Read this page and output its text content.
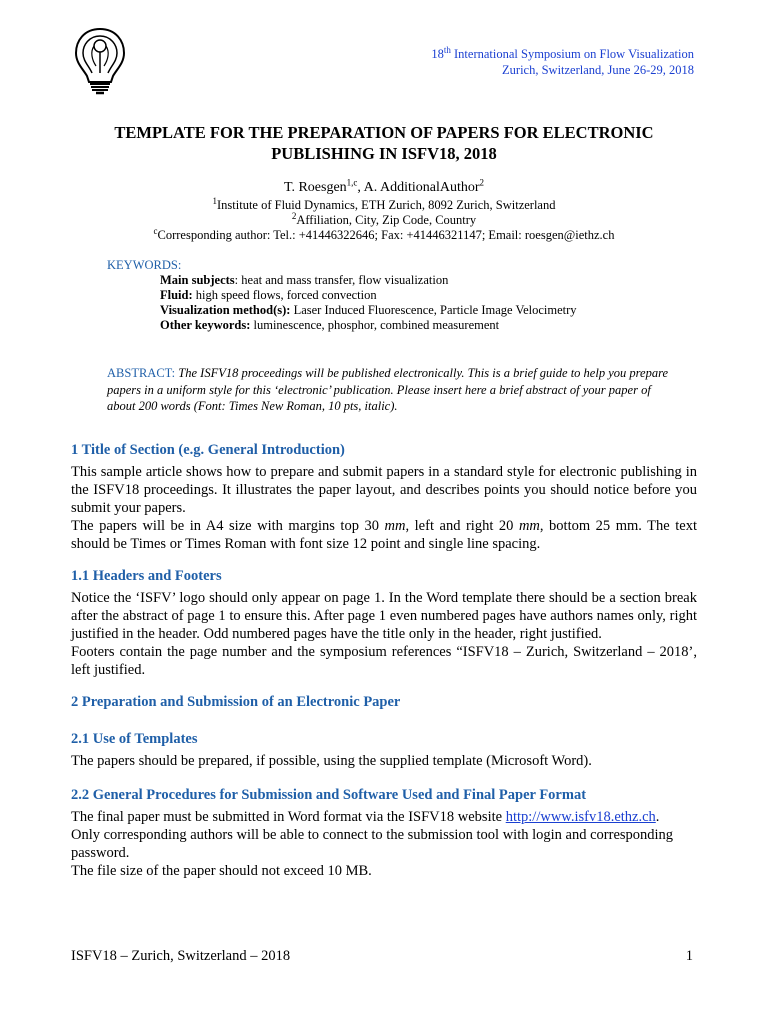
18th International Symposium on Flow Visualization
Zurich, Switzerland, June 26-29, 2018
TEMPLATE FOR THE PREPARATION OF PAPERS FOR ELECTRONIC
PUBLISHING IN ISFV18, 2018
T. Roesgen$^{1,c}$, A. AdditionalAuthor$^2$
$^1$Institute of Fluid Dynamics, ETH Zurich, 8092 Zurich, Switzerland
$^2$Affiliation, City, Zip Code, Country
$^c$Corresponding author: Tel.: +41446322646; Fax: +41446321147; Email: roesgen@iethz.ch
KEYWORDS:
Main subjects: heat and mass transfer, flow visualization
Fluid: high speed flows, forced convection
Visualization method(s): Laser Induced Fluorescence, Particle Image Velocimetry
Other keywords: luminescence, phosphor, combined measurement
ABSTRACT: The ISFV18 proceedings will be published electronically. This is a brief guide to help you prepare papers in a uniform style for this ‘electronic’ publication. Please insert here a brief abstract of your paper of about 200 words (Font: Times New Roman, 10 pts, italic).
1 Title of Section (e.g. General Introduction)
This sample article shows how to prepare and submit papers in a standard style for electronic publishing in the ISFV18 proceedings. It illustrates the paper layout, and describes points you should notice before you submit your papers.
The papers will be in A4 size with margins top 30 mm, left and right 20 mm, bottom 25 mm. The text should be Times or Times Roman with font size 12 point and single line spacing.
1.1 Headers and Footers
Notice the ‘ISFV’ logo should only appear on page 1. In the Word template there should be a section break after the abstract of page 1 to ensure this. After page 1 even numbered pages have authors names only, right justified in the header. Odd numbered pages have the title only in the header, right justified.
Footers contain the page number and the symposium references “ISFV18 – Zurich, Switzerland – 2018’, left justified.
2 Preparation and Submission of an Electronic Paper
2.1 Use of Templates
The papers should be prepared, if possible, using the supplied template (Microsoft Word).
2.2 General Procedures for Submission and Software Used and Final Paper Format
The final paper must be submitted in Word format via the ISFV18 website http://www.isfv18.ethz.ch.
Only corresponding authors will be able to connect to the submission tool with login and corresponding password.
The file size of the paper should not exceed 10 MB.
ISFV18 – Zurich, Switzerland – 2018	1
